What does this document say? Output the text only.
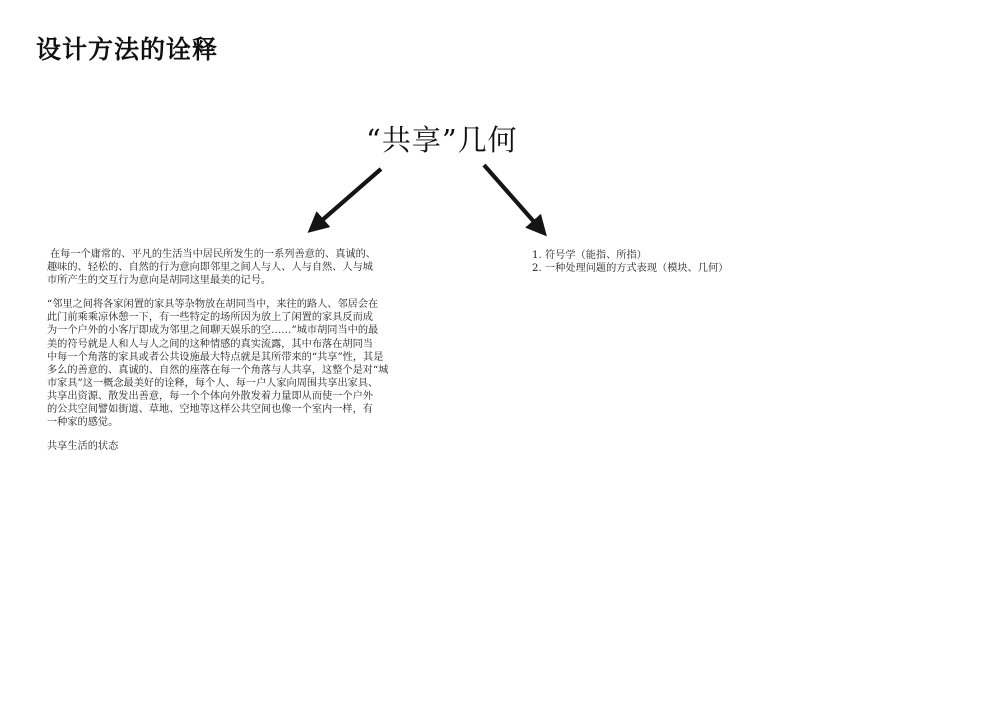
设计方法的诠释
“共享”几何

在每一个庸常的、平凡的生活当中居民所发生的一系列善意的、真诚的、
趣味的、轻松的、自然的行为意向即邻里之间人与人、人与自然、人与城
市所产生的交互行为意向是胡同这里最美的记号。

“邻里之间将各家闲置的家具等杂物放在胡同当中，来往的路人、邻居会在
此门前乘乘凉休憩一下，有一些特定的场所因为放上了闲置的家具反而成
为一个户外的小客厅即成为邻里之间聊天娱乐的空……”城市胡同当中的最
美的符号就是人和人与人之间的这种情感的真实流露，其中布落在胡同当
中每一个角落的家具或者公共设施最大特点就是其所带来的“共享”性，其是
多么的善意的、真诚的、自然的座落在每一个角落与人共享，这整个是对“城
市家具”这一概念最美好的诠释，每个人、每一户人家向周围共享出家具、
共享出资源、散发出善意，每一个个体向外散发着力量即从而使一个户外
的公共空间譬如街道、草地、空地等这样公共空间也像一个室内一样，有
一种家的感觉。

共享生活的状态

1. 符号学（能指、所指）
2. 一种处理问题的方式表现（模块、几何）
